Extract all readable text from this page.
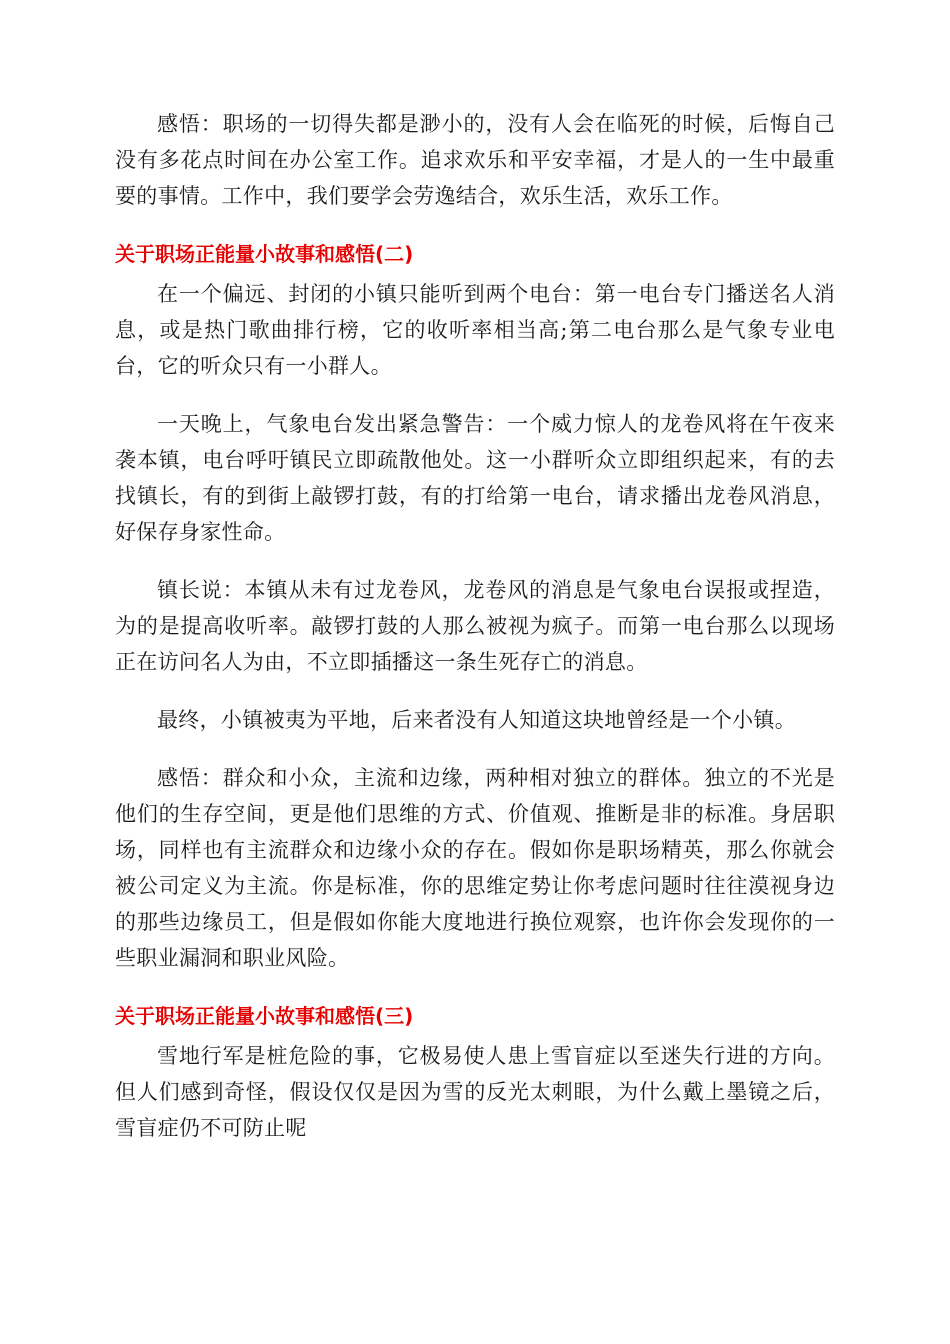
感悟：职场的一切得失都是渺小的，没有人会在临死的时候，后悔自己没有多花点时间在办公室工作。追求欢乐和平安幸福，才是人的一生中最重要的事情。工作中，我们要学会劳逸结合，欢乐生活，欢乐工作。

关于职场正能量小故事和感悟(二)

在一个偏远、封闭的小镇只能听到两个电台：第一电台专门播送名人消息，或是热门歌曲排行榜，它的收听率相当高;第二电台那么是气象专业电台，它的听众只有一小群人。

一天晚上，气象电台发出紧急警告：一个威力惊人的龙卷风将在午夜来袭本镇，电台呼吁镇民立即疏散他处。这一小群听众立即组织起来，有的去找镇长，有的到街上敲锣打鼓，有的打给第一电台，请求播出龙卷风消息，好保存身家性命。

镇长说：本镇从未有过龙卷风，龙卷风的消息是气象电台误报或捏造，为的是提高收听率。敲锣打鼓的人那么被视为疯子。而第一电台那么以现场正在访问名人为由，不立即插播这一条生死存亡的消息。

最终，小镇被夷为平地，后来者没有人知道这块地曾经是一个小镇。

感悟：群众和小众，主流和边缘，两种相对独立的群体。独立的不光是他们的生存空间，更是他们思维的方式、价值观、推断是非的标准。身居职场，同样也有主流群众和边缘小众的存在。假如你是职场精英，那么你就会被公司定义为主流。你是标准，你的思维定势让你考虑问题时往往漠视身边的那些边缘员工，但是假如你能大度地进行换位观察，也许你会发现你的一些职业漏洞和职业风险。

关于职场正能量小故事和感悟(三)

雪地行军是桩危险的事，它极易使人患上雪盲症以至迷失行进的方向。但人们感到奇怪，假设仅仅是因为雪的反光太刺眼，为什么戴上墨镜之后，雪盲症仍不可防止呢
